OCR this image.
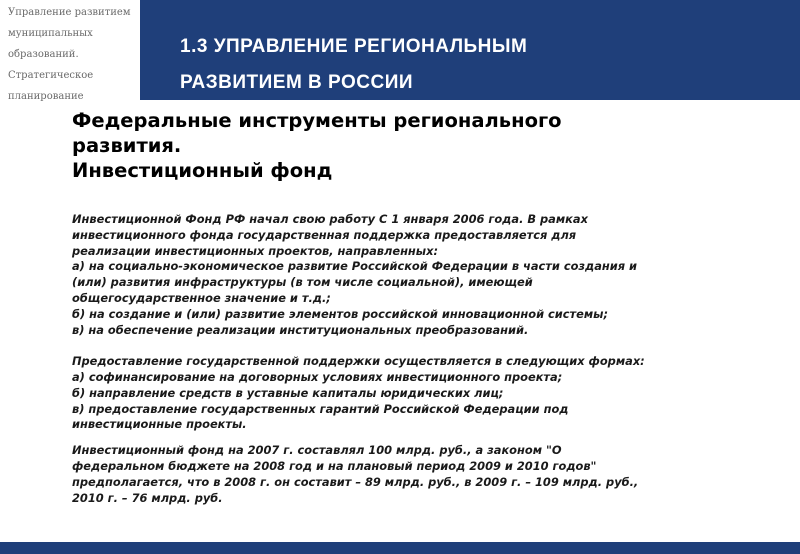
Управление развитием
муниципальных
образований.
Стратегическое
планирование
1.3 УПРАВЛЕНИЕ РЕГИОНАЛЬНЫМ
РАЗВИТИЕМ В РОССИИ
Федеральные инструменты регионального
развития.
Инвестиционный фонд

Инвестиционной Фонд РФ начал свою работу С 1 января 2006 года. В рамках

инвестиционного фонда государственная поддержка предоставляется для

реализации инвестиционных проектов, направленных:

а) на социально-экономическое развитие Российской Федерации в части создания и

(или) развития инфраструктуры (в том числе социальной), имеющей

общегосударственное значение и т.д.;

б) на создание и (или) развитие элементов российской инновационной системы;

в) на обеспечение реализации институциональных преобразований.

Предоставление государственной поддержки осуществляется в следующих формах:

а) софинансирование на договорных условиях инвестиционного проекта;

б) направление средств в уставные капиталы юридических лиц;

в) предоставление государственных гарантий Российской Федерации под

инвестиционные проекты.

Инвестиционный фонд на 2007 г. составлял 100 млрд. руб., а законом "О

федеральном бюджете на 2008 год и на плановый период 2009 и 2010 годов"

предполагается, что в 2008 г. он составит – 89 млрд. руб., в 2009 г. – 109 млрд. руб.,

2010 г. – 76 млрд. руб.
